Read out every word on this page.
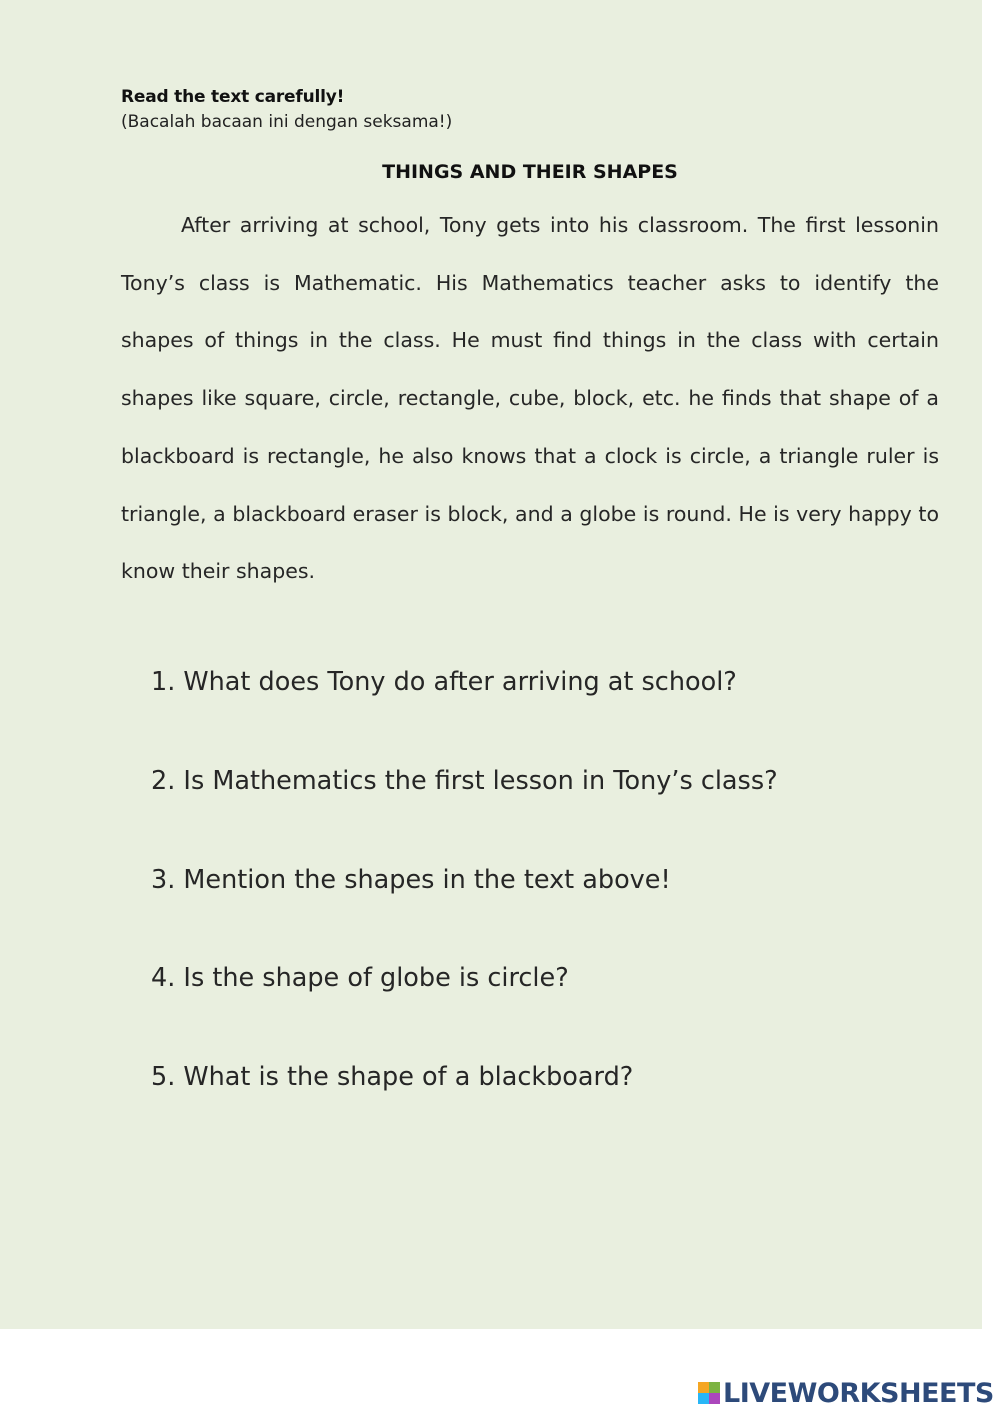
Read the text carefully!
(Bacalah bacaan ini dengan seksama!)
THINGS AND THEIR SHAPES

After arriving at school, Tony gets into his classroom. The first lessonin Tony’s class is Mathematic. His Mathematics teacher asks to identify the shapes of things in the class. He must find things in the class with certain shapes like square, circle, rectangle, cube, block, etc. he finds that shape of a blackboard is rectangle, he also knows that a clock is circle, a triangle ruler is triangle, a blackboard eraser is block, and a globe is round. He is very happy to know their shapes.

1. What does Tony do after arriving at school?
2. Is Mathematics the first lesson in Tony’s class?
3. Mention the shapes in the text above!
4. Is the shape of globe is circle?
5. What is the shape of a blackboard?
LIVEWORKSHEETS
